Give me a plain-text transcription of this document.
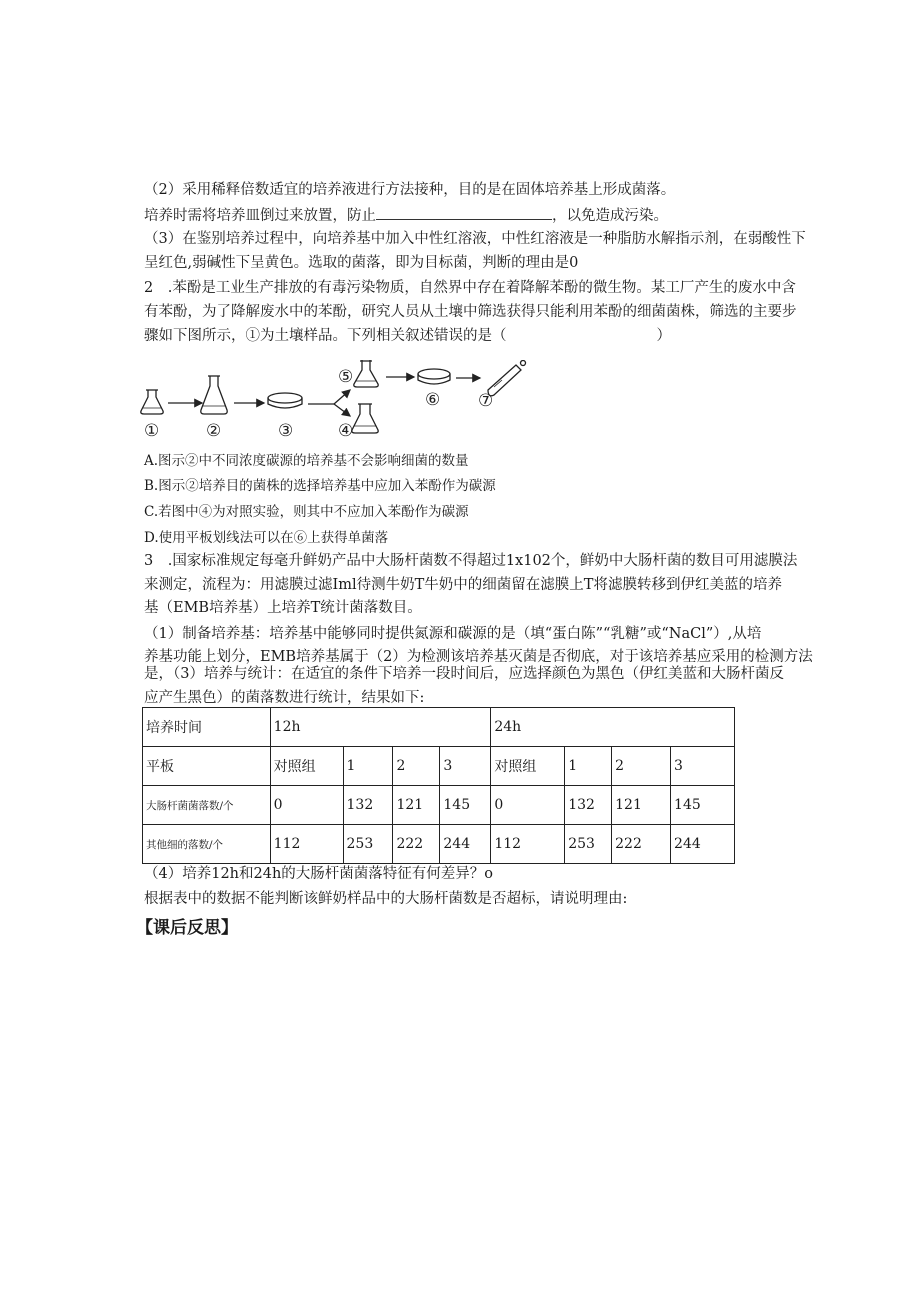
（2）采用稀释倍数适宜的培养液进行方法接种，目的是在固体培养基上形成菌落。
培养时需将培养皿倒过来放置，防止	，以免造成污染。
（3）在鉴别培养过程中，向培养基中加入中性红溶液，中性红溶液是一种脂肪水解指示剂，在弱酸性下
呈红色,弱碱性下呈黄色。选取的菌落，即为目标菌，判断的理由是0
2　.苯酚是工业生产排放的有毒污染物质，自然界中存在着降解苯酚的微生物。某工厂产生的废水中含
有苯酚，为了降解废水中的苯酚，研究人员从土壤中筛选获得只能利用苯酚的细菌菌株，筛选的主要步
骤如下图所示，①为土壤样品。下列相关叙述错误的是（	）
①	②	③	④
⑤
⑥ ⑦
A.图示②中不同浓度碳源的培养基不会影响细菌的数量
B.图示②培养目的菌株的选择培养基中应加入苯酚作为碳源
C.若图中④为对照实验，则其中不应加入苯酚作为碳源
D.使用平板划线法可以在⑥上获得单菌落
3　.国家标准规定每毫升鲜奶产品中大肠杆菌数不得超过1x102个，鲜奶中大肠杆菌的数目可用滤膜法
来测定，流程为：用滤膜过滤Iml待测牛奶T牛奶中的细菌留在滤膜上T将滤膜转移到伊红美蓝的培养
基（EMB培养基）上培养T统计菌落数目。
（1）制备培养基：培养基中能够同时提供氮源和碳源的是（填“蛋白陈”“乳糖”或“NaCl”）,从培
养基功能上划分，EMB培养基属于（2）为检测该培养基灭菌是否彻底，对于该培养基应采用的检测方法
是，（3）培养与统计：在适宜的条件下培养一段时间后，应选择颜色为黑色（伊红美蓝和大肠杆菌反
应产生黑色）的菌落数进行统计，结果如下:
培养时间	12h				24h			
平板	对照组	1	2	3	对照组	1	2	3
大肠杆菌菌落数/个	0	132	121	145	0	132	121	145
其他细的落数/个	112	253	222	244	112	253	222	244
（4）培养12h和24h的大肠杆菌菌落特征有何差异？o
根据表中的数据不能判断该鲜奶样品中的大肠杆菌数是否超标，请说明理由:
【课后反思】
